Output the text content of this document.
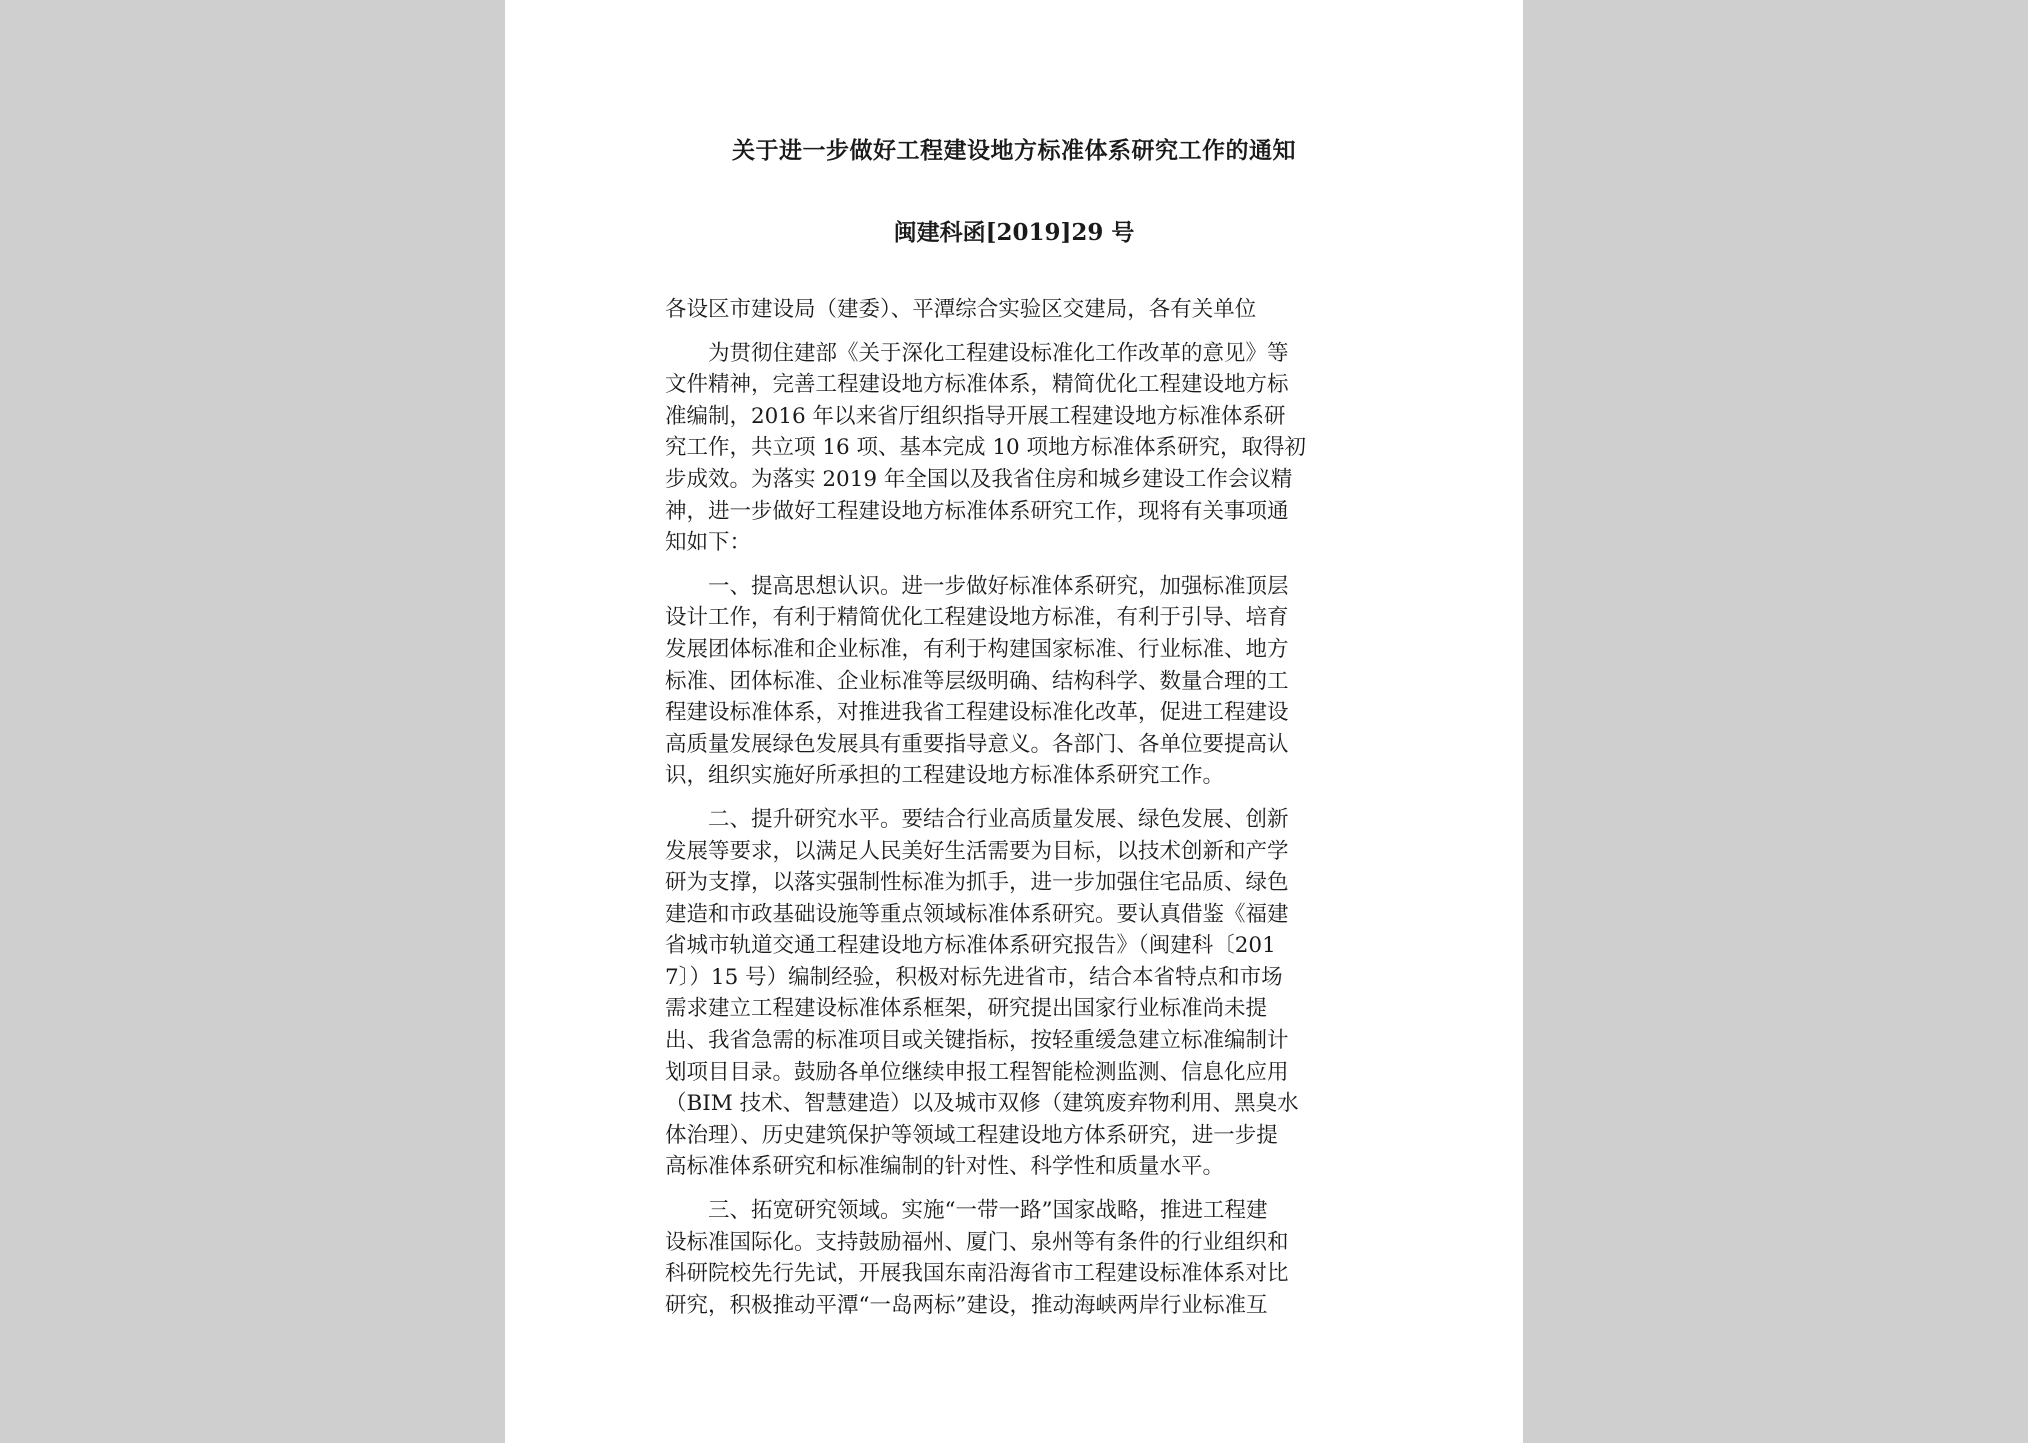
关于进一步做好工程建设地方标准体系研究工作的通知
闽建科函[2019]29 号
各设区市建设局（建委）、平潭综合实验区交建局，各有关单位
　　为贯彻住建部《关于深化工程建设标准化工作改革的意见》等
文件精神，完善工程建设地方标准体系，精简优化工程建设地方标
准编制，2016 年以来省厅组织指导开展工程建设地方标准体系研
究工作，共立项 16 项、基本完成 10 项地方标准体系研究，取得初
步成效。为落实 2019 年全国以及我省住房和城乡建设工作会议精
神，进一步做好工程建设地方标准体系研究工作，现将有关事项通
知如下：
　　一、提高思想认识。进一步做好标准体系研究，加强标准顶层
设计工作，有利于精简优化工程建设地方标准，有利于引导、培育
发展团体标准和企业标准，有利于构建国家标准、行业标准、地方
标准、团体标准、企业标准等层级明确、结构科学、数量合理的工
程建设标准体系，对推进我省工程建设标准化改革，促进工程建设
高质量发展绿色发展具有重要指导意义。各部门、各单位要提高认
识，组织实施好所承担的工程建设地方标准体系研究工作。
　　二、提升研究水平。要结合行业高质量发展、绿色发展、创新
发展等要求，以满足人民美好生活需要为目标，以技术创新和产学
研为支撑，以落实强制性标准为抓手，进一步加强住宅品质、绿色
建造和市政基础设施等重点领域标准体系研究。要认真借鉴《福建
省城市轨道交通工程建设地方标准体系研究报告》（闽建科〔201
7〕）15 号）编制经验，积极对标先进省市，结合本省特点和市场
需求建立工程建设标准体系框架，研究提出国家行业标准尚未提
出、我省急需的标准项目或关键指标，按轻重缓急建立标准编制计
划项目目录。鼓励各单位继续申报工程智能检测监测、信息化应用
（BIM 技术、智慧建造）以及城市双修（建筑废弃物利用、黑臭水
体治理）、历史建筑保护等领域工程建设地方体系研究，进一步提
高标准体系研究和标准编制的针对性、科学性和质量水平。
　　三、拓宽研究领域。实施“一带一路”国家战略，推进工程建
设标准国际化。支持鼓励福州、厦门、泉州等有条件的行业组织和
科研院校先行先试，开展我国东南沿海省市工程建设标准体系对比
研究，积极推动平潭“一岛两标”建设，推动海峡两岸行业标准互
